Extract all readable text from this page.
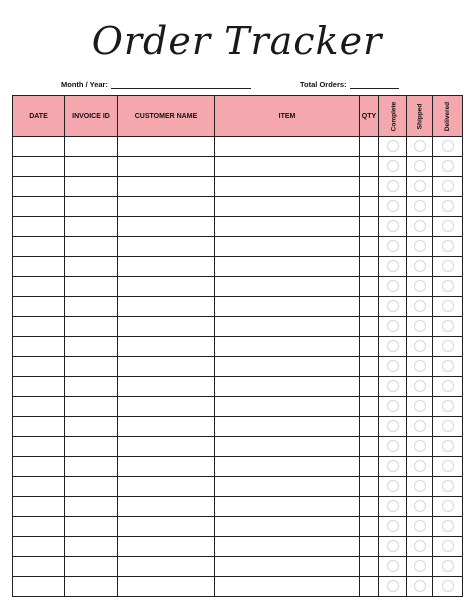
Order Tracker
Month / Year:	Total Orders:
DATE	INVOICE ID	CUSTOMER NAME	ITEM	QTY	Complete	Shipped	Delivered
